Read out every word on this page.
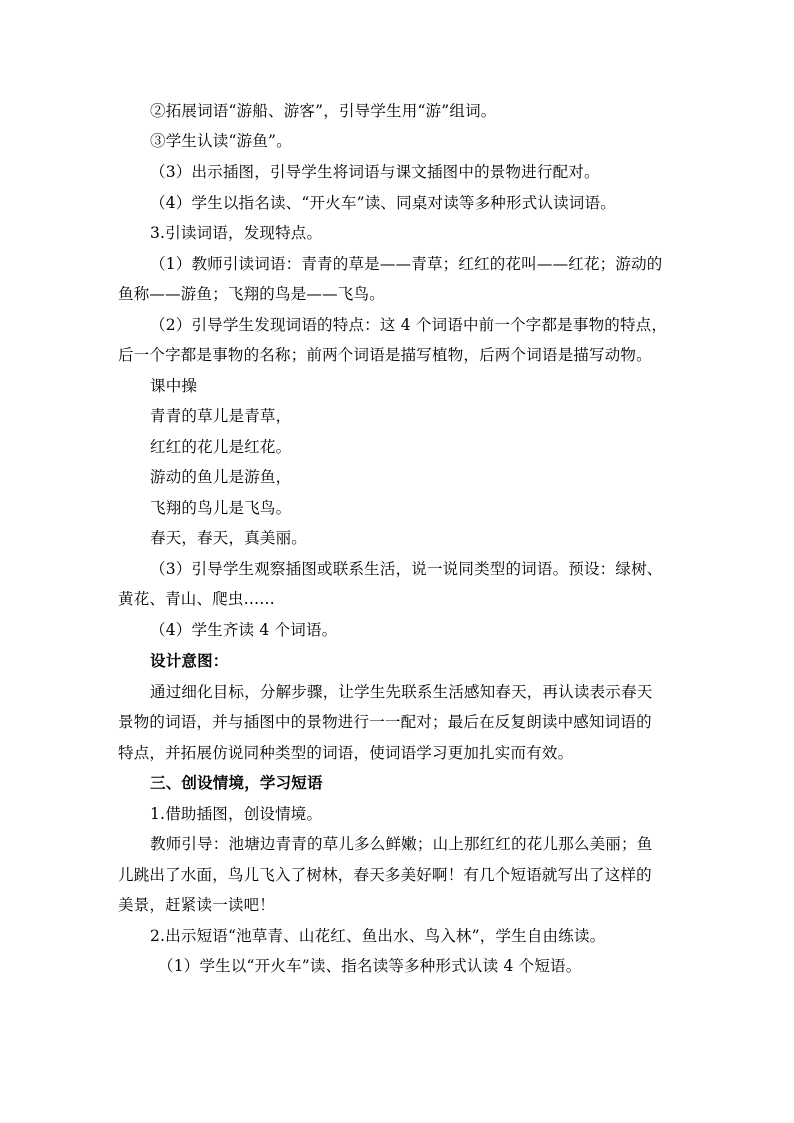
②拓展词语“游船、游客”，引导学生用“游”组词。
③学生认读“游鱼”。
（3）出示插图，引导学生将词语与课文插图中的景物进行配对。
（4）学生以指名读、“开火车”读、同桌对读等多种形式认读词语。
3.引读词语，发现特点。
（1）教师引读词语：青青的草是——青草；红红的花叫——红花；游动的
鱼称——游鱼；飞翔的鸟是——飞鸟。
（2）引导学生发现词语的特点：这 4 个词语中前一个字都是事物的特点，
后一个字都是事物的名称；前两个词语是描写植物，后两个词语是描写动物。
课中操
青青的草儿是青草，
红红的花儿是红花。
游动的鱼儿是游鱼，
飞翔的鸟儿是飞鸟。
春天，春天，真美丽。
（3）引导学生观察插图或联系生活，说一说同类型的词语。预设：绿树、
黄花、青山、爬虫……
（4）学生齐读 4 个词语。
设计意图：
通过细化目标，分解步骤，让学生先联系生活感知春天，再认读表示春天
景物的词语，并与插图中的景物进行一一配对；最后在反复朗读中感知词语的
特点，并拓展仿说同种类型的词语，使词语学习更加扎实而有效。
三、创设情境，学习短语
1.借助插图，创设情境。
教师引导：池塘边青青的草儿多么鲜嫩；山上那红红的花儿那么美丽；鱼
儿跳出了水面，鸟儿飞入了树林，春天多美好啊！有几个短语就写出了这样的
美景，赶紧读一读吧！
2.出示短语“池草青、山花红、鱼出水、鸟入林”，学生自由练读。
（1）学生以“开火车”读、指名读等多种形式认读 4 个短语。
